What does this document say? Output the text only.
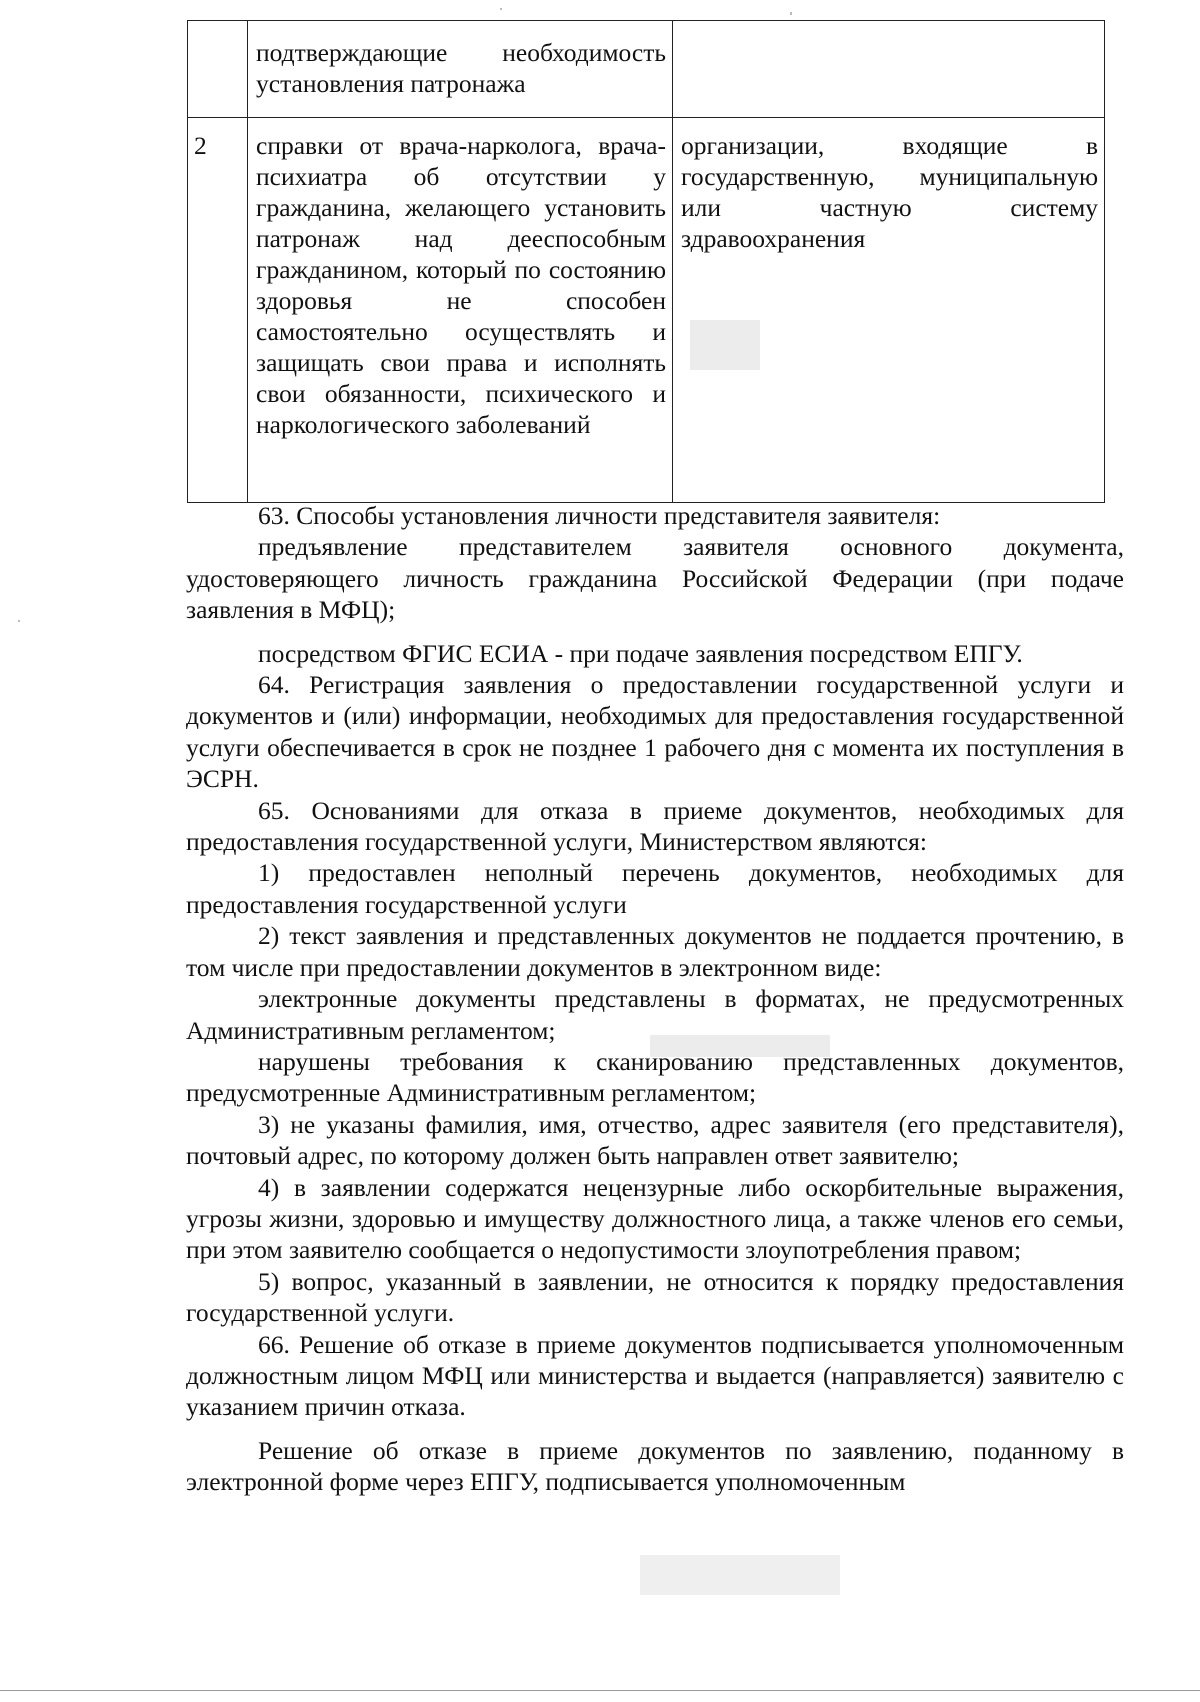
	подтверждающие необходимость установления патронажа	

2	справки от врача-нарколога, врача-психиатра об отсутствии у гражданина, желающего установить патронаж над дееспособным гражданином, который по состоянию здоровья не способен самостоятельно осуществлять и защищать свои права и исполнять свои обязанности, психического и наркологического заболеваний	организации, входящие в государственную, муниципальную или частную систему здравоохранения

63. Способы установления личности представителя заявителя:

предъявление представителем заявителя основного документа, удостоверяющего личность гражданина Российской Федерации (при подаче заявления в МФЦ);

посредством ФГИС ЕСИА - при подаче заявления посредством ЕПГУ.

64. Регистрация заявления о предоставлении государственной услуги и документов и (или) информации, необходимых для предоставления государственной услуги обеспечивается в срок не позднее 1 рабочего дня с момента их поступления в ЭСРН.

65. Основаниями для отказа в приеме документов, необходимых для предоставления государственной услуги, Министерством являются:

1) предоставлен неполный перечень документов, необходимых для предоставления государственной услуги

2) текст заявления и представленных документов не поддается прочтению, в том числе при предоставлении документов в электронном виде:

электронные документы представлены в форматах, не предусмотренных Административным регламентом;

нарушены требования к сканированию представленных документов, предусмотренные Административным регламентом;

3) не указаны фамилия, имя, отчество, адрес заявителя (его представителя), почтовый адрес, по которому должен быть направлен ответ заявителю;

4) в заявлении содержатся нецензурные либо оскорбительные выражения, угрозы жизни, здоровью и имуществу должностного лица, а также членов его семьи, при этом заявителю сообщается о недопустимости злоупотребления правом;

5) вопрос, указанный в заявлении, не относится к порядку предоставления государственной услуги.

66. Решение об отказе в приеме документов подписывается уполномоченным должностным лицом МФЦ или министерства и выдается (направляется) заявителю с указанием причин отказа.

Решение об отказе в приеме документов по заявлению, поданному в электронной форме через ЕПГУ, подписывается уполномоченным
